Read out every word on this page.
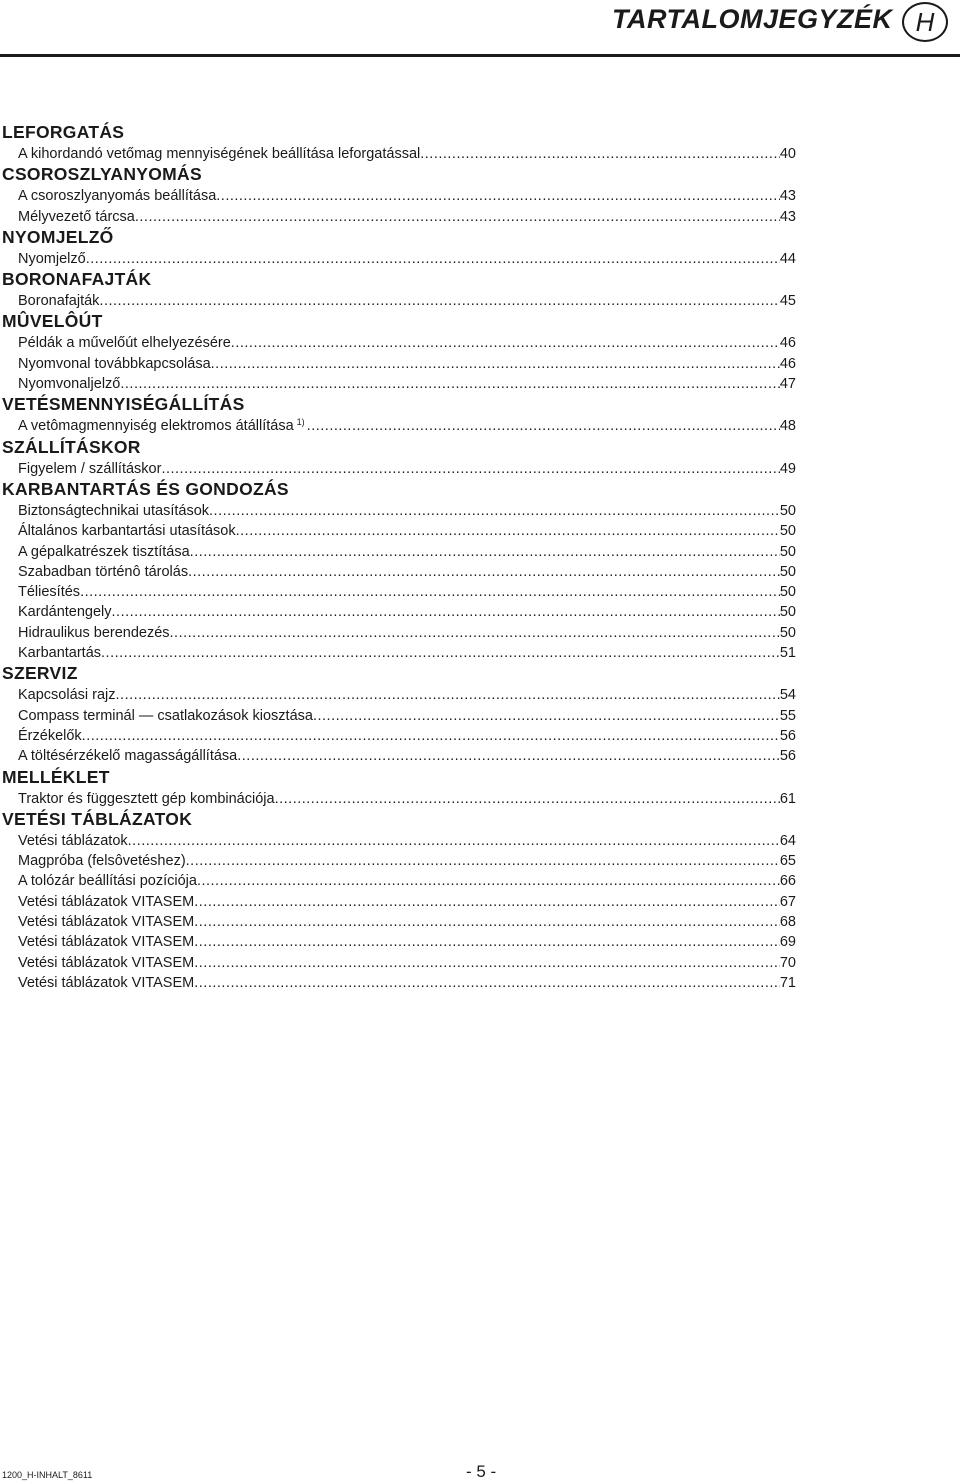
TARTALOMJEGYZÉK H
LEFORGATÁS
A kihordandó vetőmag mennyiségének beállítása leforgatással .....	40
CSOROSZLYANYOMÁS
A csoroszlyanyomás beállítása .....	43
Mélyvezető tárcsa .....	43
NYOMJELZŐ
Nyomjelző .....	44
BORONAFAJTÁK
Boronafajták .....	45
MÛVELÔÚT
Példák a művelőút elhelyezésére .....	46
Nyomvonal továbbkapcsolása .....	46
Nyomvonaljelző .....	47
VETÉSMENNYISÉGÁLLÍTÁS
A vetômagmennyiség elektromos átállítása $^{1)}$ .....	48
SZÁLLÍTÁSKOR
Figyelem / szállításkor .....	49
KARBANTARTÁS ÉS GONDOZÁS
Biztonságtechnikai utasítások .....	50
Általános karbantartási utasítások .....	50
A gépalkatrészek tisztítása .....	50
Szabadban történô tárolás .....	50
Téliesítés .....	50
Kardántengely .....	50
Hidraulikus berendezés .....	50
Karbantartás .....	51
SZERVIZ
Kapcsolási rajz .....	54
Compass terminál — csatlakozások kiosztása .....	55
Érzékelők .....	56
A töltésérzékelő magasságállítása .....	56
MELLÉKLET
Traktor és függesztett gép kombinációja .....	61
VETÉSI TÁBLÁZATOK
Vetési táblázatok .....	64
Magpróba (felsôvetéshez) .....	65
A tolózár beállítási pozíciója .....	66
Vetési táblázatok VITASEM .....	67
Vetési táblázatok VITASEM .....	68
Vetési táblázatok VITASEM .....	69
Vetési táblázatok VITASEM .....	70
Vetési táblázatok VITASEM .....	71
1200_H-INHALT_8611	- 5 -
